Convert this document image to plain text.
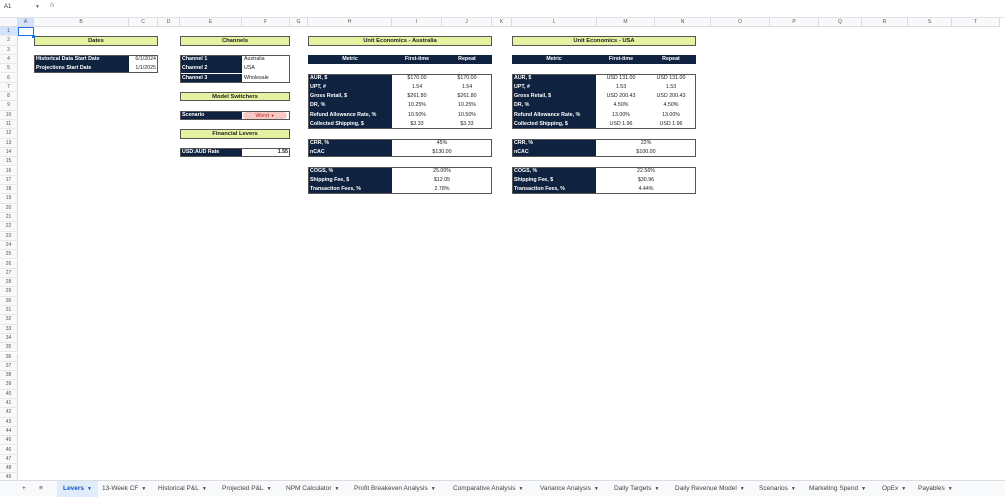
A1	▼ fx
A	B	C	D	E	F	G	H	I	J	K	L	M	N	O	P	Q	R	S	T
1
2
3
4
5
6
7
8
9
10
11
12
13
14
15
16
17
18
19
20
21
22
23
24
25
26
27
28
29
30
31
32
33
34
35
36
37
38
39
40
41
42
43
44
45
46
47
48
49
Dates
Historical Data Start Date	6/1/2024
Projections Start Date	1/1/2025
Channels
Channel 1	Australia
Channel 2	USA
Channel 3	Wholesale
Model Switchers
Scenario	Worst ▼
Financial Levers
USD:AUD Rate	1.55
Unit Economics - Australia
Metric	First-time	Repeat
AUR, $	$170.00	$170.00
UPT, #	1.54	1.54
Gross Retail, $	$261.80	$261.80
DR, %	10.25%	10.25%
Refund Allowance Rate, %	10.50%	10.50%
Collected Shipping, $	$3.33	$3.33
CRR, %	45%
nCAC	$130.00
COGS, %	25.00%
Shipping Fee, $	$12.05
Transaction Fees, %	2.78%
Unit Economics - USA
Metric	First-time	Repeat
AUR, $	USD 131.00	USD 131.00
UPT, #	1.53	1.53
Gross Retail, $	USD 200.43	USD 200.43
DR, %	4.50%	4.50%
Refund Allowance Rate, %	13.00%	13.00%
Collected Shipping, $	USD 1.96	USD 1.96
CRR, %	22%
nCAC	$100.00
COGS, %	22.56%
Shipping Fee, $	$30.96
Transaction Fees, %	4.44%
+ ≡	Levers ▼	13-Week CF ▼ Historical P&L ▼ Projected P&L ▼ NPM Calculator ▼ Profit Breakeven Analysis ▼	Comparative Analysis ▼	Variance Analysis ▼ Daily Targets ▼ Daily Revenue Model ▼ Scenarios ▼ Marketing Spend ▼ OpEx ▼ Payables ▼
